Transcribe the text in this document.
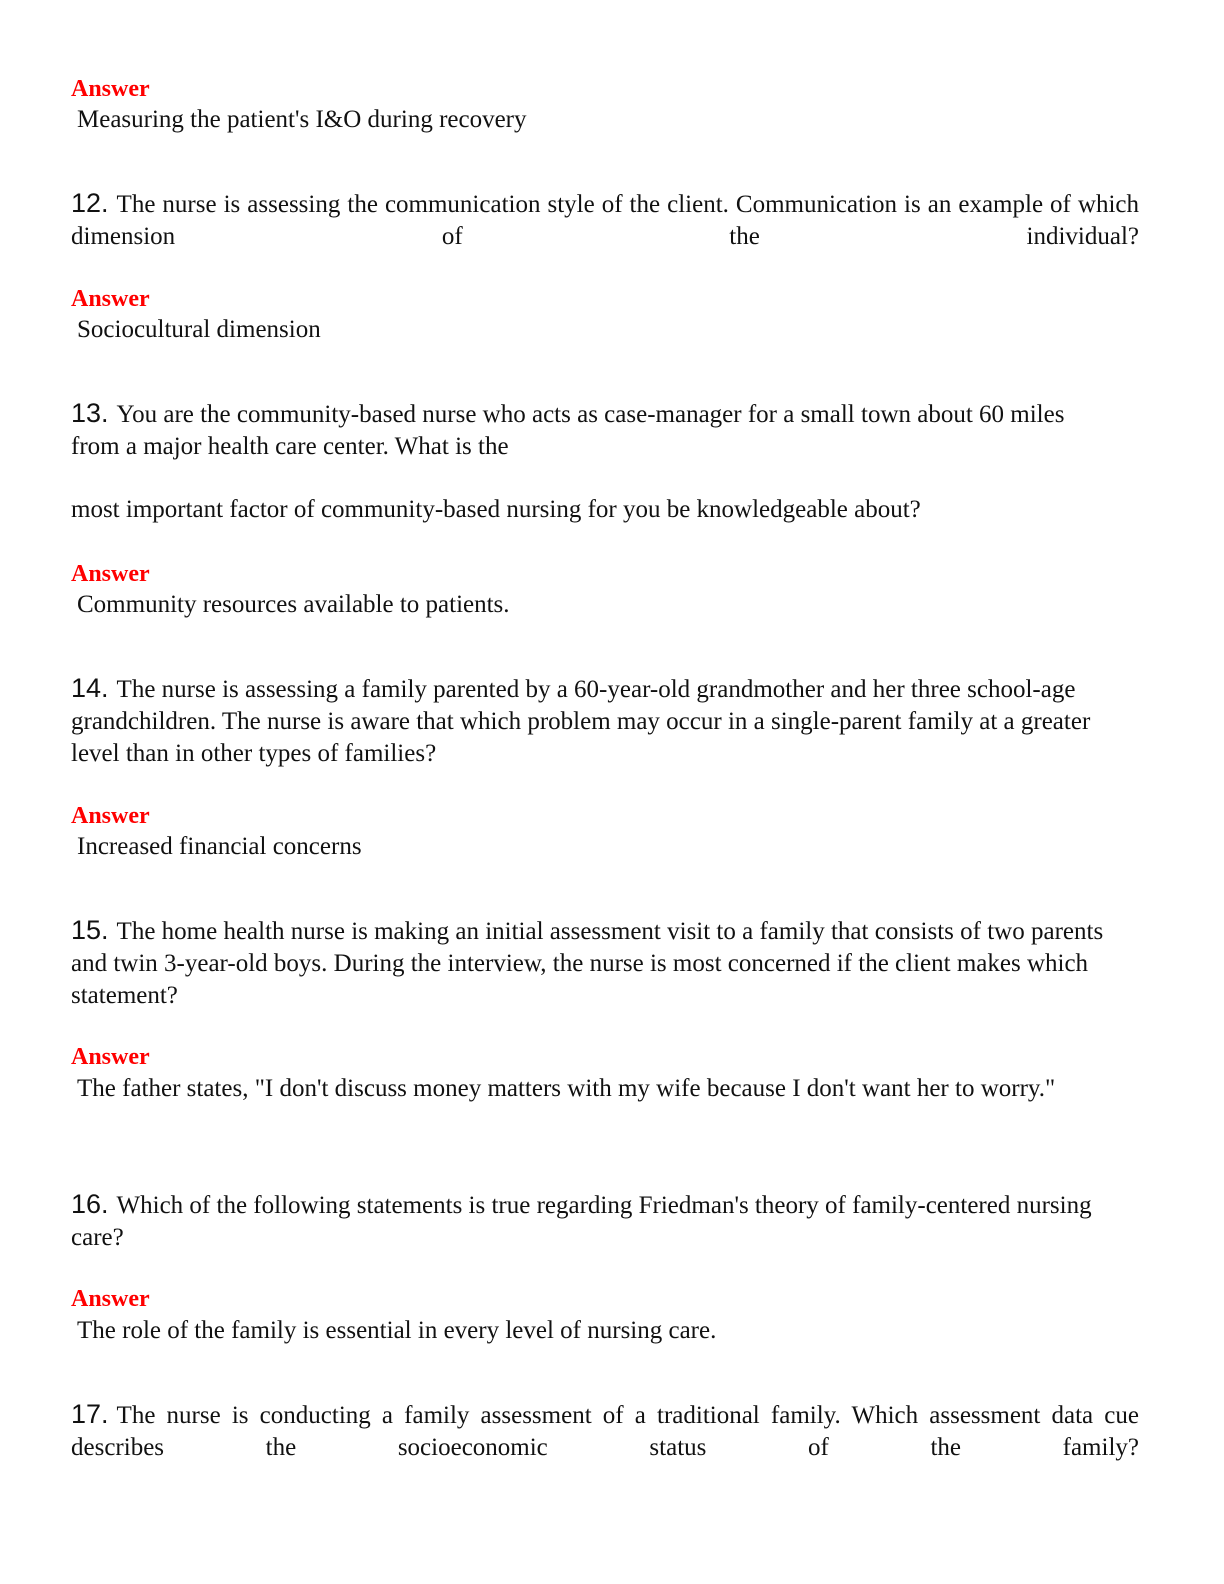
Answer
Measuring the patient's I&O during recovery
12. The nurse is assessing the communication style of the client. Communication is an example of which dimension of the individual?
Answer
Sociocultural dimension
13. You are the community-based nurse who acts as case-manager for a small town about 60 miles from a major health care center. What is the
most important factor of community-based nursing for you be knowledgeable about?
Answer
Community resources available to patients.
14. The nurse is assessing a family parented by a 60-year-old grandmother and her three school-age grandchildren. The nurse is aware that which problem may occur in a single-parent family at a greater level than in other types of families?
Answer
Increased financial concerns
15. The home health nurse is making an initial assessment visit to a family that consists of two parents and twin 3-year-old boys. During the interview, the nurse is most concerned if the client makes which statement?
Answer
The father states, "I don't discuss money matters with my wife because I don't want her to worry."
16. Which of the following statements is true regarding Friedman's theory of family-centered nursing care?
Answer
The role of the family is essential in every level of nursing care.
17. The nurse is conducting a family assessment of a traditional family. Which assessment data cue describes the socioeconomic status of the family?
